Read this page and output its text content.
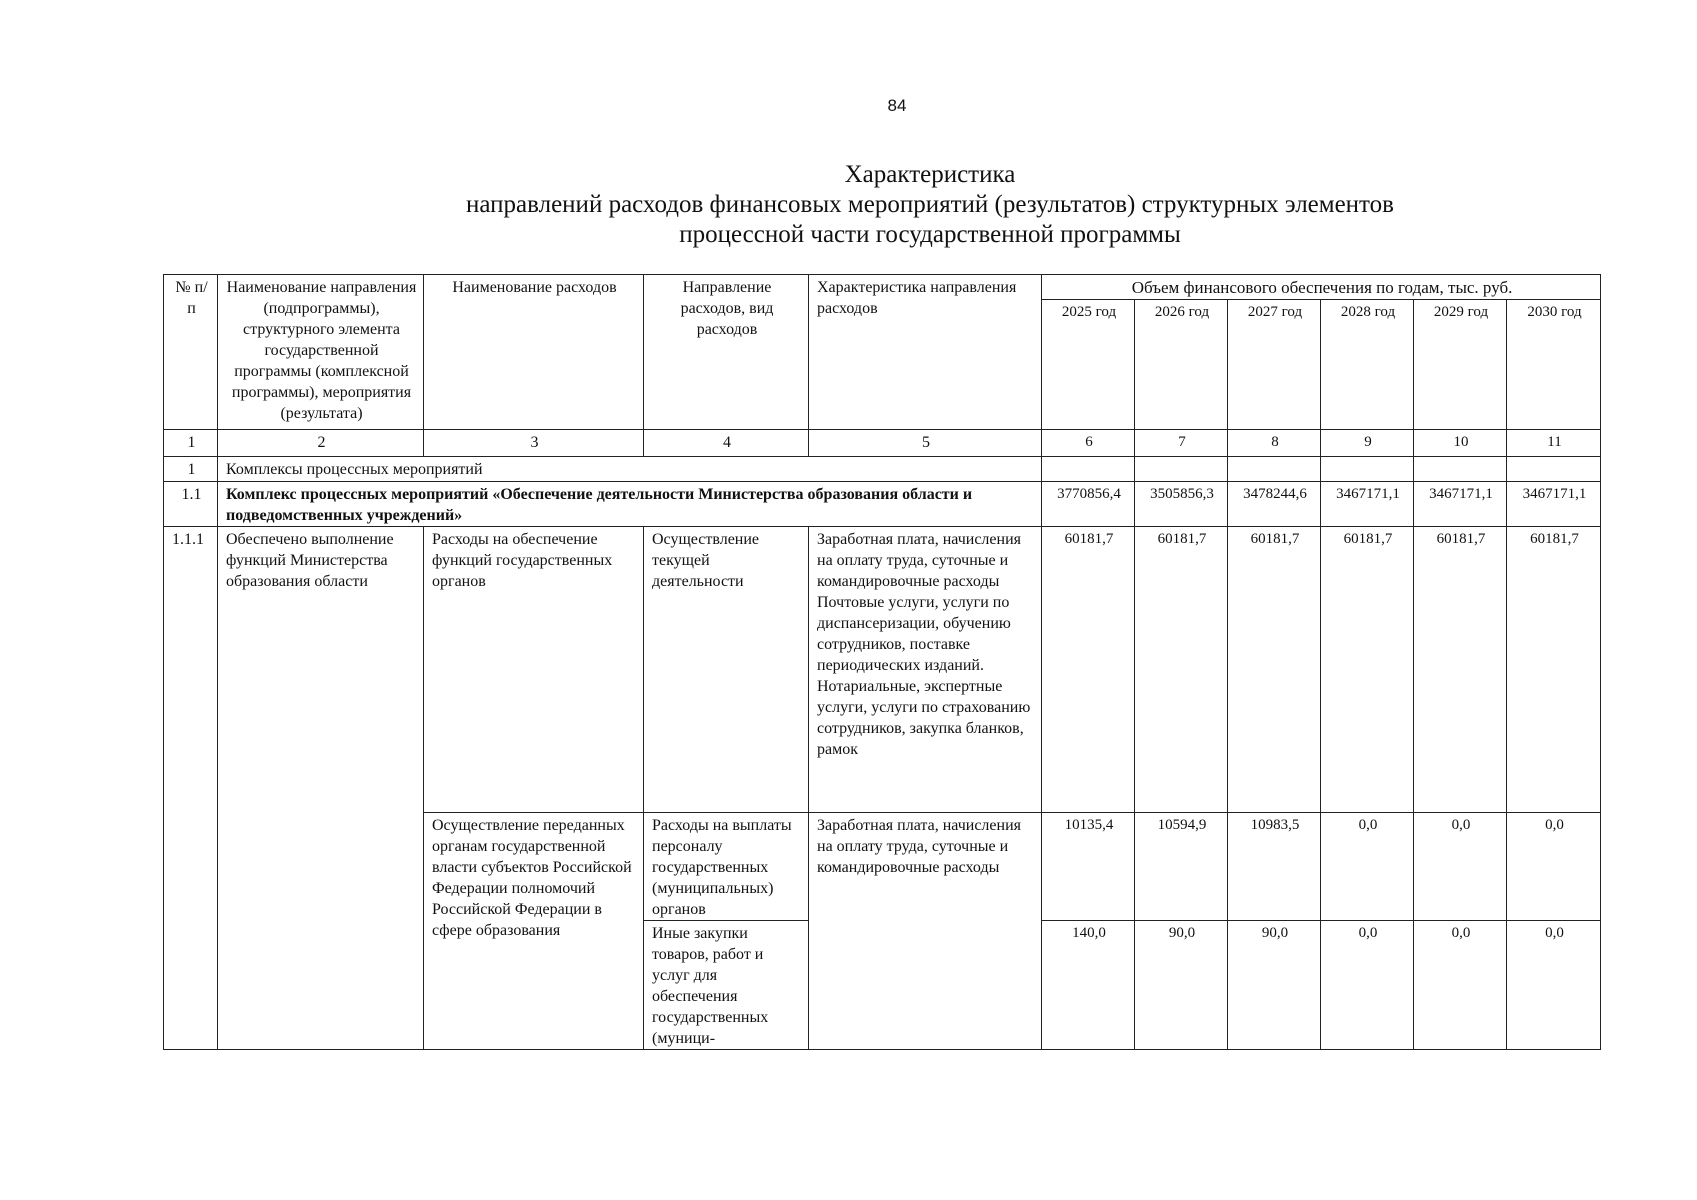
84
Характеристика
направлений расходов финансовых мероприятий (результатов) структурных элементов
процессной части государственной программы
№ п/п	Наименование направления (подпрограммы), структурного элемента государственной программы (комплексной программы), мероприятия (результата)	Наименование расходов	Направление расходов, вид расходов	Характеристика направления расходов	Объем финансового обеспечения по годам, тыс. руб.					
					2025 год	2026 год	2027 год	2028 год	2029 год	2030 год
1	2	3	4	5	6	7	8	9	10	11
1	Комплексы процессных мероприятий									
1.1	Комплекс процессных мероприятий «Обеспечение деятельности Министерства образования области и подведомственных учреждений»				3770856,4	3505856,3	3478244,6	3467171,1	3467171,1	3467171,1
1.1.1	Обеспечено выполнение функций Министерства образования области	Расходы на обеспечение функций государственных органов	Осуществление текущей деятельности	Заработная плата, начисления на оплату труда, суточные и командировочные расходы Почтовые услуги, услуги по диспансеризации, обучению сотрудников, поставке периодических изданий. Нотариальные, экспертные услуги, услуги по страхованию сотрудников, закупка бланков, рамок	60181,7	60181,7	60181,7	60181,7	60181,7	60181,7
		Осуществление переданных органам государственной власти субъектов Российской Федерации полномочий Российской Федерации в сфере образования	Расходы на выплаты персоналу государственных (муниципальных) органов	Заработная плата, начисления на оплату труда, суточные и командировочные расходы	10135,4	10594,9	10983,5	0,0	0,0	0,0
			Иные закупки товаров, работ и услуг для обеспечения государственных (муници-		140,0	90,0	90,0	0,0	0,0	0,0
